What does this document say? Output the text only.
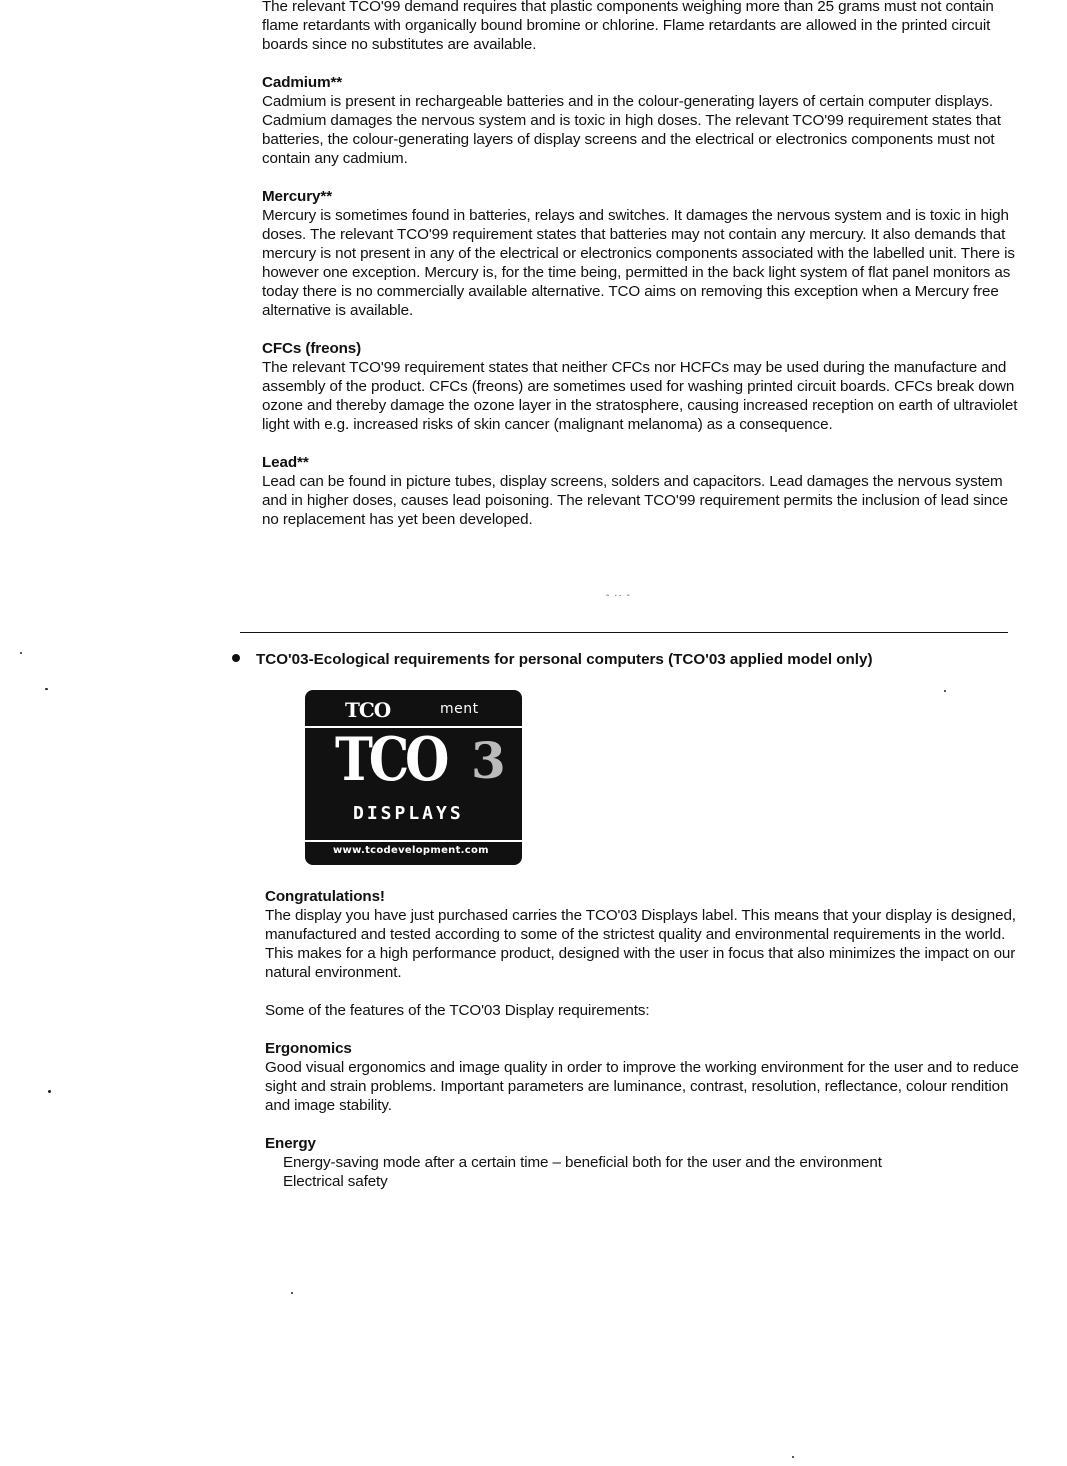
The relevant TCO'99 demand requires that plastic components weighing more than 25 grams must not contain flame retardants with organically bound bromine or chlorine. Flame retardants are allowed in the printed circuit boards since no substitutes are available.

Cadmium**

Cadmium is present in rechargeable batteries and in the colour-generating layers of certain computer displays. Cadmium damages the nervous system and is toxic in high doses. The relevant TCO'99 requirement states that batteries, the colour-generating layers of display screens and the electrical or electronics components must not contain any cadmium.

Mercury**

Mercury is sometimes found in batteries, relays and switches. It damages the nervous system and is toxic in high doses. The relevant TCO'99 requirement states that batteries may not contain any mercury. It also demands that mercury is not present in any of the electrical or electronics components associated with the labelled unit. There is however one exception. Mercury is, for the time being, permitted in the back light system of flat panel monitors as today there is no commercially available alternative. TCO aims on removing this exception when a Mercury free alternative is available.

CFCs (freons)

The relevant TCO'99 requirement states that neither CFCs nor HCFCs may be used during the manufacture and assembly of the product. CFCs (freons) are sometimes used for washing printed circuit boards. CFCs break down ozone and thereby damage the ozone layer in the stratosphere, causing increased reception on earth of ultraviolet light with e.g. increased risks of skin cancer (malignant melanoma) as a consequence.

Lead**

Lead can be found in picture tubes, display screens, solders and capacitors. Lead damages the nervous system and in higher doses, causes lead poisoning. The relevant TCO'99 requirement permits the inclusion of lead since no replacement has yet been developed.

- ·· -
TCO'03-Ecological requirements for personal computers (TCO'03 applied model only)
TCO	ment
TCO 3
DISPLAYS
www.tcodevelopment.com

Congratulations!

The display you have just purchased carries the TCO'03 Displays label. This means that your display is designed, manufactured and tested according to some of the strictest quality and environmental requirements in the world. This makes for a high performance product, designed with the user in focus that also minimizes the impact on our natural environment.

Some of the features of the TCO'03 Display requirements:

Ergonomics

Good visual ergonomics and image quality in order to improve the working environment for the user and to reduce sight and strain problems. Important parameters are luminance, contrast, resolution, reflectance, colour rendition and image stability.

Energy

Energy-saving mode after a certain time – beneficial both for the user and the environment

Electrical safety
